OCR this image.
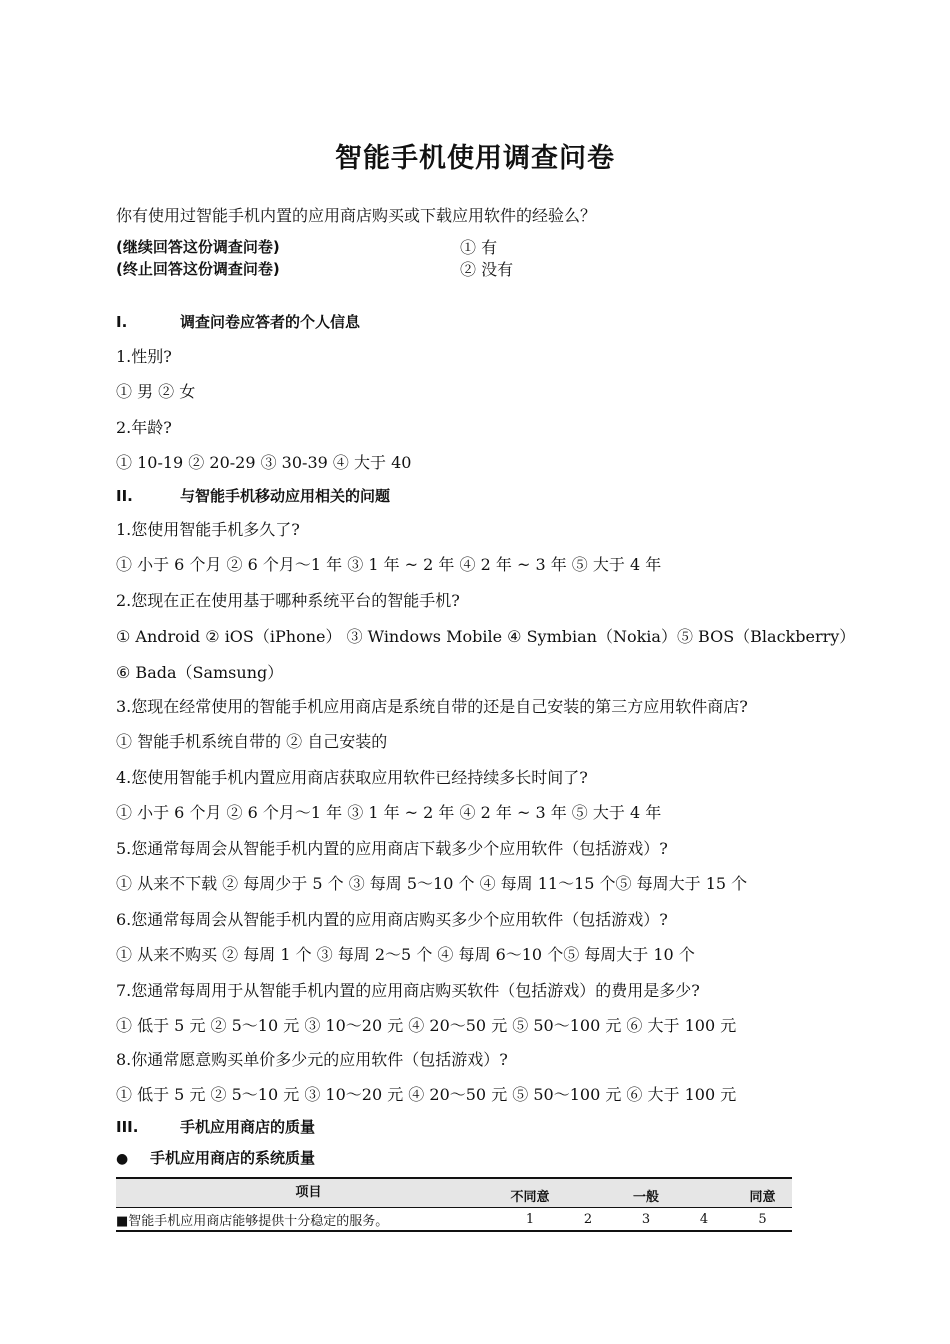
智能手机使用调查问卷
你有使用过智能手机内置的应用商店购买或下载应用软件的经验么？
(继续回答这份调查问卷)	① 有
(终止回答这份调查问卷)	② 没有
I.	调查问卷应答者的个人信息
1.性别?
① 男 ② 女
2.年龄?
① 10-19 ② 20-29 ③ 30-39 ④ 大于 40
II.	与智能手机移动应用相关的问题
1.您使用智能手机多久了?
① 小于 6 个月 ② 6 个月～1 年 ③ 1 年 ~ 2 年 ④ 2 年 ~ 3 年 ⑤ 大于 4 年
2.您现在正在使用基于哪种系统平台的智能手机?
① Android ② iOS（iPhone） ③ Windows Mobile ④ Symbian（Nokia）⑤ BOS（Blackberry）
⑥ Bada（Samsung）
3.您现在经常使用的智能手机应用商店是系统自带的还是自己安装的第三方应用软件商店?
① 智能手机系统自带的 ② 自己安装的
4.您使用智能手机内置应用商店获取应用软件已经持续多长时间了?
① 小于 6 个月 ② 6 个月～1 年 ③ 1 年 ~ 2 年 ④ 2 年 ~ 3 年 ⑤ 大于 4 年
5.您通常每周会从智能手机内置的应用商店下载多少个应用软件（包括游戏）?
① 从来不下载 ② 每周少于 5 个 ③ 每周 5～10 个 ④ 每周 11～15 个⑤ 每周大于 15 个
6.您通常每周会从智能手机内置的应用商店购买多少个应用软件（包括游戏）?
① 从来不购买 ② 每周 1 个 ③ 每周 2～5 个 ④ 每周 6～10 个⑤ 每周大于 10 个
7.您通常每周用于从智能手机内置的应用商店购买软件（包括游戏）的费用是多少?
① 低于 5 元 ② 5～10 元 ③ 10～20 元 ④ 20～50 元 ⑤ 50～100 元 ⑥ 大于 100 元
8.你通常愿意购买单价多少元的应用软件（包括游戏）?
① 低于 5 元 ② 5～10 元 ③ 10～20 元 ④ 20～50 元 ⑤ 50～100 元 ⑥ 大于 100 元
III.	手机应用商店的质量
● 手机应用商店的系统质量
项目	不同意		一般		同意
■智能手机应用商店能够提供十分稳定的服务。	1	2	3	4	5
